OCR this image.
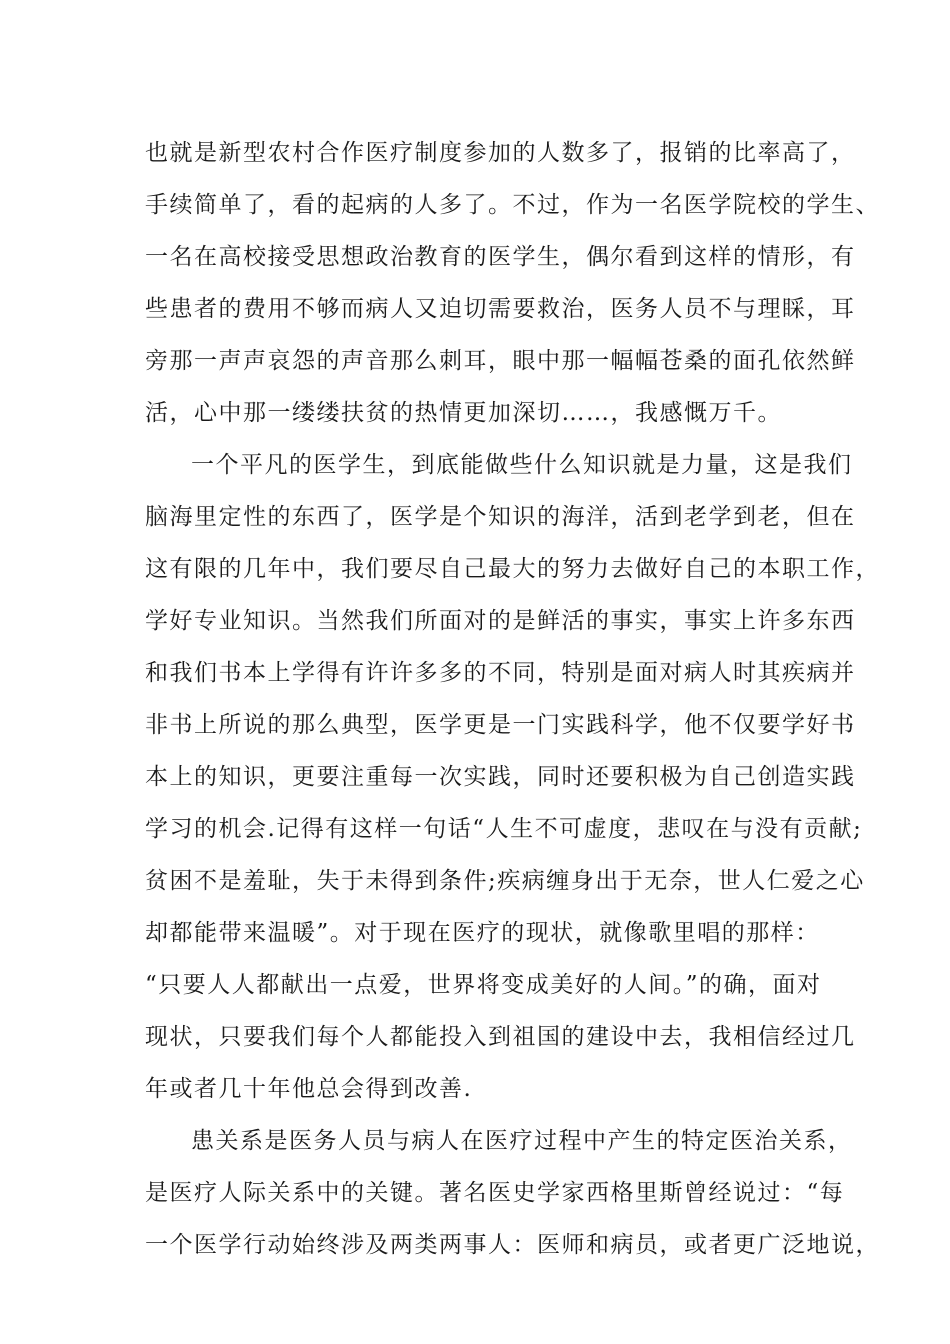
也就是新型农村合作医疗制度参加的人数多了，报销的比率高了，
手续简单了，看的起病的人多了。不过，作为一名医学院校的学生、
一名在高校接受思想政治教育的医学生，偶尔看到这样的情形，有
些患者的费用不够而病人又迫切需要救治，医务人员不与理睬，耳
旁那一声声哀怨的声音那么刺耳，眼中那一幅幅苍桑的面孔依然鲜
活，心中那一缕缕扶贫的热情更加深切……，我感慨万千。
一个平凡的医学生，到底能做些什么知识就是力量，这是我们
脑海里定性的东西了，医学是个知识的海洋，活到老学到老，但在
这有限的几年中，我们要尽自己最大的努力去做好自己的本职工作，
学好专业知识。当然我们所面对的是鲜活的事实，事实上许多东西
和我们书本上学得有许许多多的不同，特别是面对病人时其疾病并
非书上所说的那么典型，医学更是一门实践科学，他不仅要学好书
本上的知识，更要注重每一次实践，同时还要积极为自己创造实践
学习的机会.记得有这样一句话“人生不可虚度，悲叹在与没有贡献;
贫困不是羞耻，失于未得到条件;疾病缠身出于无奈，世人仁爱之心
却都能带来温暖”。对于现在医疗的现状，就像歌里唱的那样：
“只要人人都献出一点爱，世界将变成美好的人间。”的确，面对
现状，只要我们每个人都能投入到祖国的建设中去，我相信经过几
年或者几十年他总会得到改善.
患关系是医务人员与病人在医疗过程中产生的特定医治关系，
是医疗人际关系中的关键。著名医史学家西格里斯曾经说过：“每
一个医学行动始终涉及两类两事人：医师和病员，或者更广泛地说，
